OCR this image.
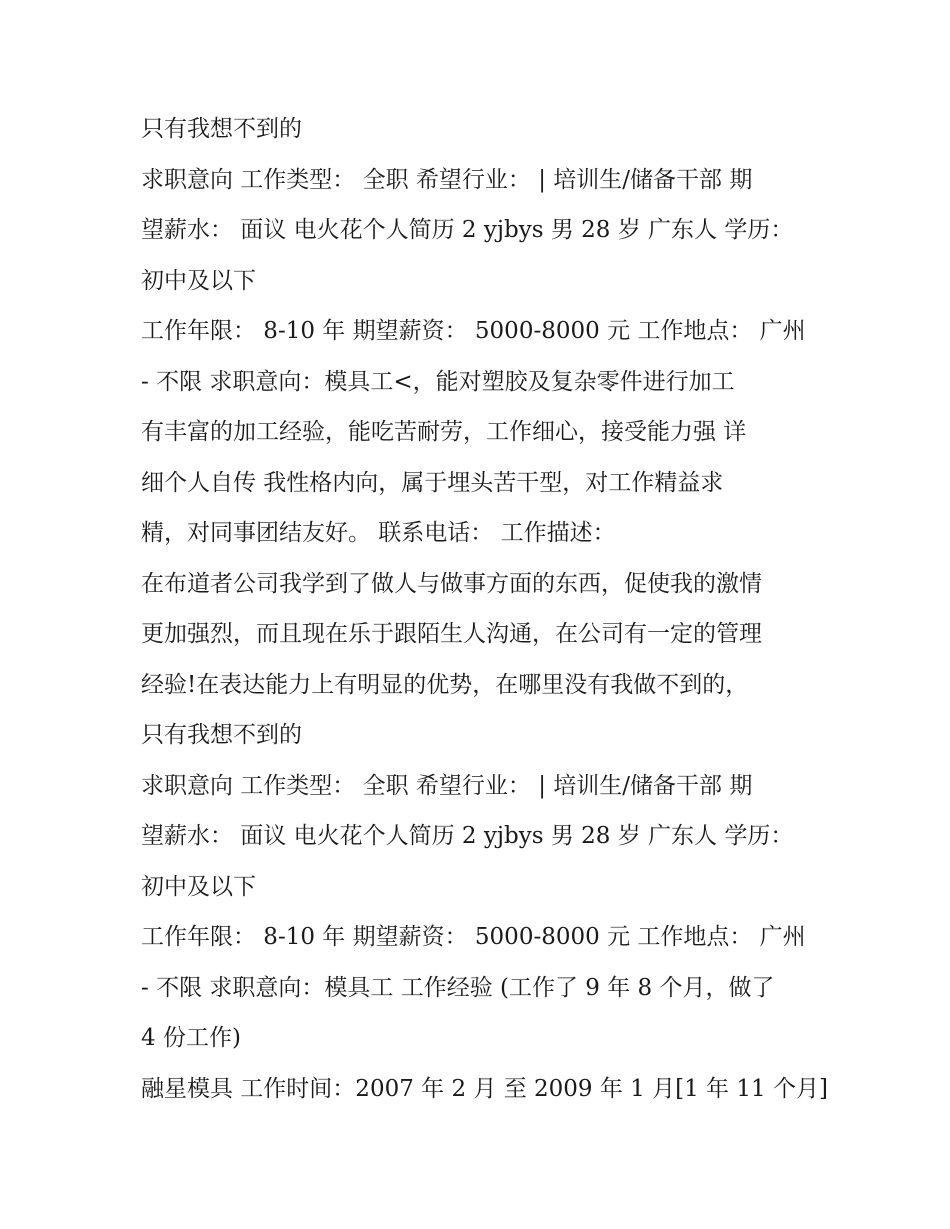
只有我想不到的
求职意向 工作类型： 全职 希望行业： | 培训生/储备干部 期
望薪水： 面议 电火花个人简历 2 yjbys 男 28 岁 广东人 学历：
初中及以下
工作年限： 8-10 年 期望薪资： 5000-8000 元 工作地点： 广州
- 不限 求职意向：模具工<，能对塑胶及复杂零件进行加工
有丰富的加工经验，能吃苦耐劳，工作细心，接受能力强 详
细个人自传 我性格内向，属于埋头苦干型，对工作精益求
精，对同事团结友好。 联系电话： 工作描述：
在布道者公司我学到了做人与做事方面的东西，促使我的激情
更加强烈，而且现在乐于跟陌生人沟通，在公司有一定的管理
经验!在表达能力上有明显的优势，在哪里没有我做不到的，
只有我想不到的
求职意向 工作类型： 全职 希望行业： | 培训生/储备干部 期
望薪水： 面议 电火花个人简历 2 yjbys 男 28 岁 广东人 学历：
初中及以下
工作年限： 8-10 年 期望薪资： 5000-8000 元 工作地点： 广州
- 不限 求职意向：模具工 工作经验 (工作了 9 年 8 个月，做了
4 份工作)
融星模具 工作时间：2007 年 2 月 至 2009 年 1 月[1 年 11 个月]
